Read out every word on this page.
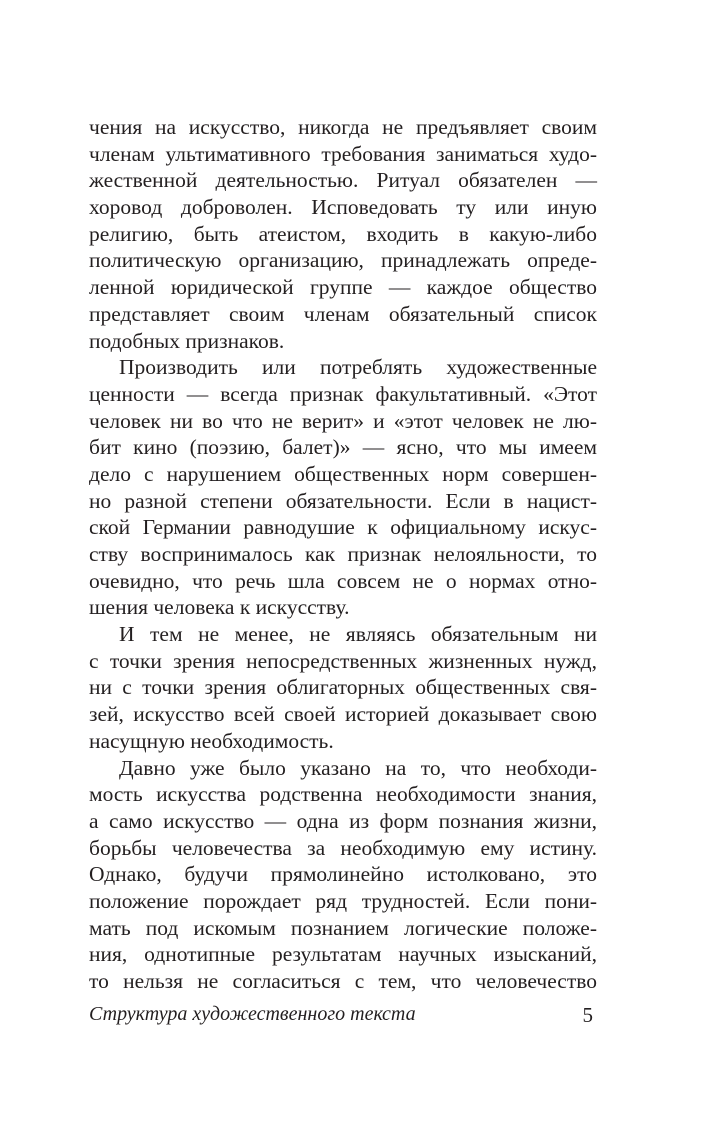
чения на искусство, никогда не предъявляет своим
членам ультимативного требования заниматься худо-
жественной деятельностью. Ритуал обязателен —
хоровод доброволен. Исповедовать ту или иную
религию, быть атеистом, входить в какую-либо
политическую организацию, принадлежать опреде-
ленной юридической группе — каждое общество
представляет своим членам обязательный список
подобных признаков.
Производить или потреблять художественные
ценности — всегда признак факультативный. «Этот
человек ни во что не верит» и «этот человек не лю-
бит кино (поэзию, балет)» — ясно, что мы имеем
дело с нарушением общественных норм совершен-
но разной степени обязательности. Если в нацист-
ской Германии равнодушие к официальному искус-
ству воспринималось как признак нелояльности, то
очевидно, что речь шла совсем не о нормах отно-
шения человека к искусству.
И тем не менее, не являясь обязательным ни
с точки зрения непосредственных жизненных нужд,
ни с точки зрения облигаторных общественных свя-
зей, искусство всей своей историей доказывает свою
насущную необходимость.
Давно уже было указано на то, что необходи-
мость искусства родственна необходимости знания,
а само искусство — одна из форм познания жизни,
борьбы человечества за необходимую ему истину.
Однако, будучи прямолинейно истолковано, это
положение порождает ряд трудностей. Если пони-
мать под искомым познанием логические положе-
ния, однотипные результатам научных изысканий,
то нельзя не согласиться с тем, что человечество
Структура художественного текста	5
